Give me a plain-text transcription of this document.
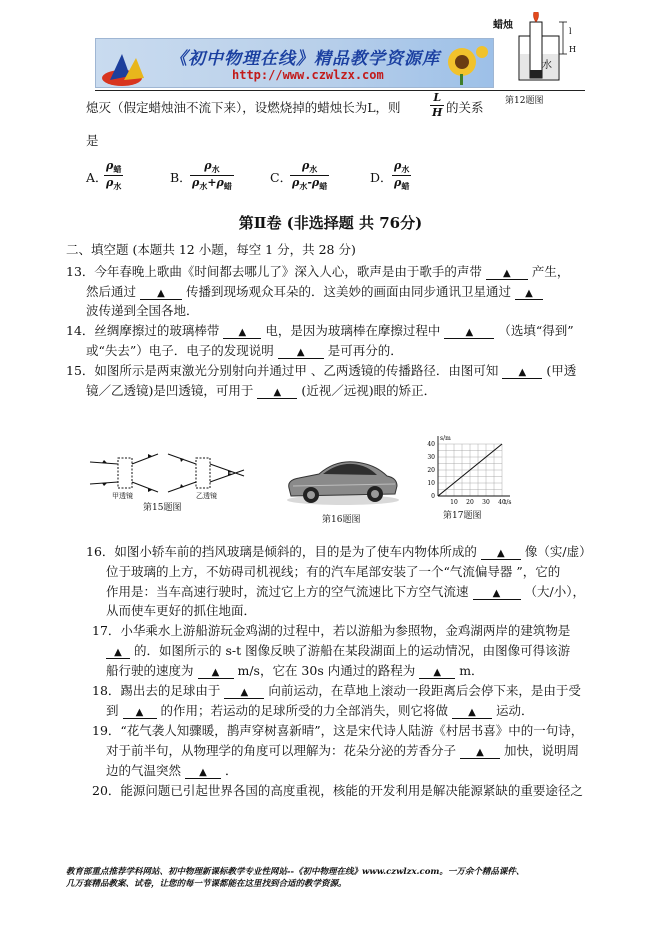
《初中物理在线》精品教学资源库
http://www.czwlzx.com
l
H
蜡烛
水
第12题图
熄灭（假定蜡烛油不流下来），设燃烧掉的蜡烛长为L，则	$\frac{L}{H}$ 的关系
是
A．
$\rho_蜡$
$\rho_水$
B．
$\rho_水$
$\rho_水+\rho_蜡$
C．
$\rho_水$
$\rho_水-\rho_蜡$
D．
$\rho_水$
$\rho_蜡$
第Ⅱ卷 (非选择题 共 76分)
二、填空题 (本题共 12 小题，每空 1 分，共 28 分)
13．今年春晚上歌曲《时间都去哪儿了》深入人心，歌声是由于歌手的声带 ▲ 产生，
然后通过 ▲ 传播到现场观众耳朵的．这美妙的画面由同步通讯卫星通过 ▲
波传递到全国各地．
14．丝绸摩擦过的玻璃棒带 ▲ 电，是因为玻璃棒在摩擦过程中	▲ （选填“得到”
或“失去”）电子．电子的发现说明 ▲ 是可再分的．
15．如图所示是两束激光分别射向并通过甲 、乙两透镜的传播路径．由图可知 ▲ (甲透
镜／乙透镜)是凹透镜，可用于 ▲ (近视／远视)眼的矫正．
甲透镜	乙透镜
第15题图
第16题图
s/m
t/s
40
30
20
10
0
10 20 30 40
第17题图
16．如图小轿车前的挡风玻璃是倾斜的，目的是为了使车内物体所成的 ▲ 像（实/虚）
位于玻璃的上方，不妨碍司机视线；有的汽车尾部安装了一个“气流偏导器 ”，它的
作用是：当车高速行驶时，流过它上方的空气流速比下方空气流速 ▲ （大/小），
从而使车更好的抓住地面．
17．小华乘水上游船游玩金鸡湖的过程中，若以游船为参照物，金鸡湖两岸的建筑物是
▲ 的．如图所示的 s-t 图像反映了游船在某段湖面上的运动情况，由图像可得该游
船行驶的速度为 ▲ m/s，它在 30s 内通过的路程为 ▲ m．
18．踢出去的足球由于 ▲ 向前运动，在草地上滚动一段距离后会停下来，是由于受
到 ▲ 的作用；若运动的足球所受的力全部消失，则它将做 ▲ 运动．
19．“花气袭人知骤暖，鹊声穿树喜新晴”，这是宋代诗人陆游《村居书喜》中的一句诗，
对于前半句，从物理学的角度可以理解为：花朵分泌的芳香分子 ▲ 加快，说明周
边的气温突然 ▲ ．
20．能源问题已引起世界各国的高度重视，核能的开发利用是解决能源紧缺的重要途径之
教育部重点推荐学科网站、初中物理新课标教学专业性网站--《初中物理在线》www.czwlzx.com。一万余个精品课件、
几万套精品教案、试卷，让您的每一节课都能在这里找到合适的教学资源。
